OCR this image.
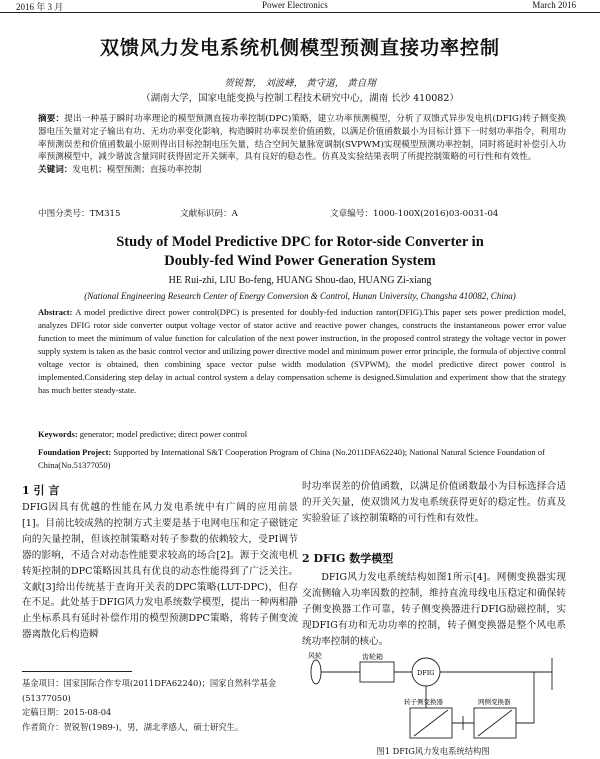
2016 年 3 月	Power Electronics	March 2016
双馈风力发电系统机侧模型预测直接功率控制
贺锐智， 刘波峰， 黄守道， 黄自翔
（湖南大学，国家电能变换与控制工程技术研究中心，湖南 长沙 410082）
摘要：提出一种基于瞬时功率理论的模型预测直接功率控制(DPC)策略，建立功率预测模型，分析了双馈式异步发电机(DFIG)转子侧变换器电压矢量对定子输出有功、无功功率变化影响，构造瞬时功率误差价值函数，以满足价值函数最小为目标计算下一时刻功率指令，利用功率预测误差和价值函数最小原则得出目标控制电压矢量，结合空间矢量脉宽调制(SVPWM)实现模型预测功率控制，同时将延时补偿引入功率预测模型中，减少谐波含量同时获得固定开关频率，具有良好的稳态性。仿真及实验结果表明了所提控制策略的可行性和有效性。
关键词：发电机；模型预测；直接功率控制
中图分类号：TM315	文献标识码：A	文章编号：1000-100X(2016)03-0031-04
Study of Model Predictive DPC for Rotor-side Converter in
Doubly-fed Wind Power Generation System
HE Rui-zhi, LIU Bo-feng, HUANG Shou-dao, HUANG Zi-xiang
(National Engineering Research Center of Energy Conversion & Control, Hunan University, Changsha 410082, China)
Abstract: A model predictive direct power control(DPC) is presented for doubly-fed induction rantor(DFIG).This paper sets power prediction model, analyzes DFIG rotor side converter output voltage vector of stator active and reactive power changes, constructs the instantaneous power error value function to meet the minimum of value function for calculation of the next power instruction, in the proposed control strategy the voltage vector in power supply system is taken as the basic control vector and utilizing power directive model and minimum power error principle, the formula of objective control voltage vector is obtained, then combining space vector pulse width modulation (SVPWM), the model predictive direct power control is implemented.Considering step delay in actual control system a delay compensation scheme is designed.Simulation and experiment show that the strategy has much better steady-state.
Keywords: generator; model predictive; direct power control
Foundation Project: Supported by International S&T Cooperation Program of China (No.2011DFA62240); National Natural Science Foundation of China(No.51377050)
1 引 言
DFIG因具有优越的性能在风力发电系统中有广阔的应用前景[1]。目前比较成熟的控制方式主要是基于电网电压和定子磁链定向的矢量控制，但该控制策略对转子参数的依赖较大，受PI调节器的影响，不适合对动态性能要求较高的场合[2]。源于交流电机转矩控制的DPC策略因其具有优良的动态性能得到了广泛关注。文献[3]给出传统基于查询开关表的DPC策略(LUT-DPC)，但存在不足。此处基于DFIG风力发电系统数学模型，提出一种两相静止坐标系具有延时补偿作用的模型预测DPC策略，将转子侧变流器离散化后构造瞬
基金项目：国家国际合作专项(2011DFA62240)；国家自然科学基金(51377050)
定稿日期：2015-08-04
作者简介：贺锐智(1989-)，男，湖北孝感人，硕士研究生。
时功率误差的价值函数，以满足价值函数最小为目标选择合适的开关矢量，使双馈风力发电系统获得更好的稳定性。仿真及实验验证了该控制策略的可行性和有效性。
2 DFIG 数学模型
DFIG风力发电系统结构如图1所示[4]。网侧变换器实现交流侧输入功率因数的控制，维持直流母线电压稳定和确保转子侧变换器工作可靠，转子侧变换器进行DFIG励磁控制，实现DFIG有功和无功功率的控制，转子侧变换器是整个风电系统功率控制的核心。
风轮	齿轮箱
DFIG
转子侧变换器	网侧变换器
图1 DFIG风力发电系统结构图
